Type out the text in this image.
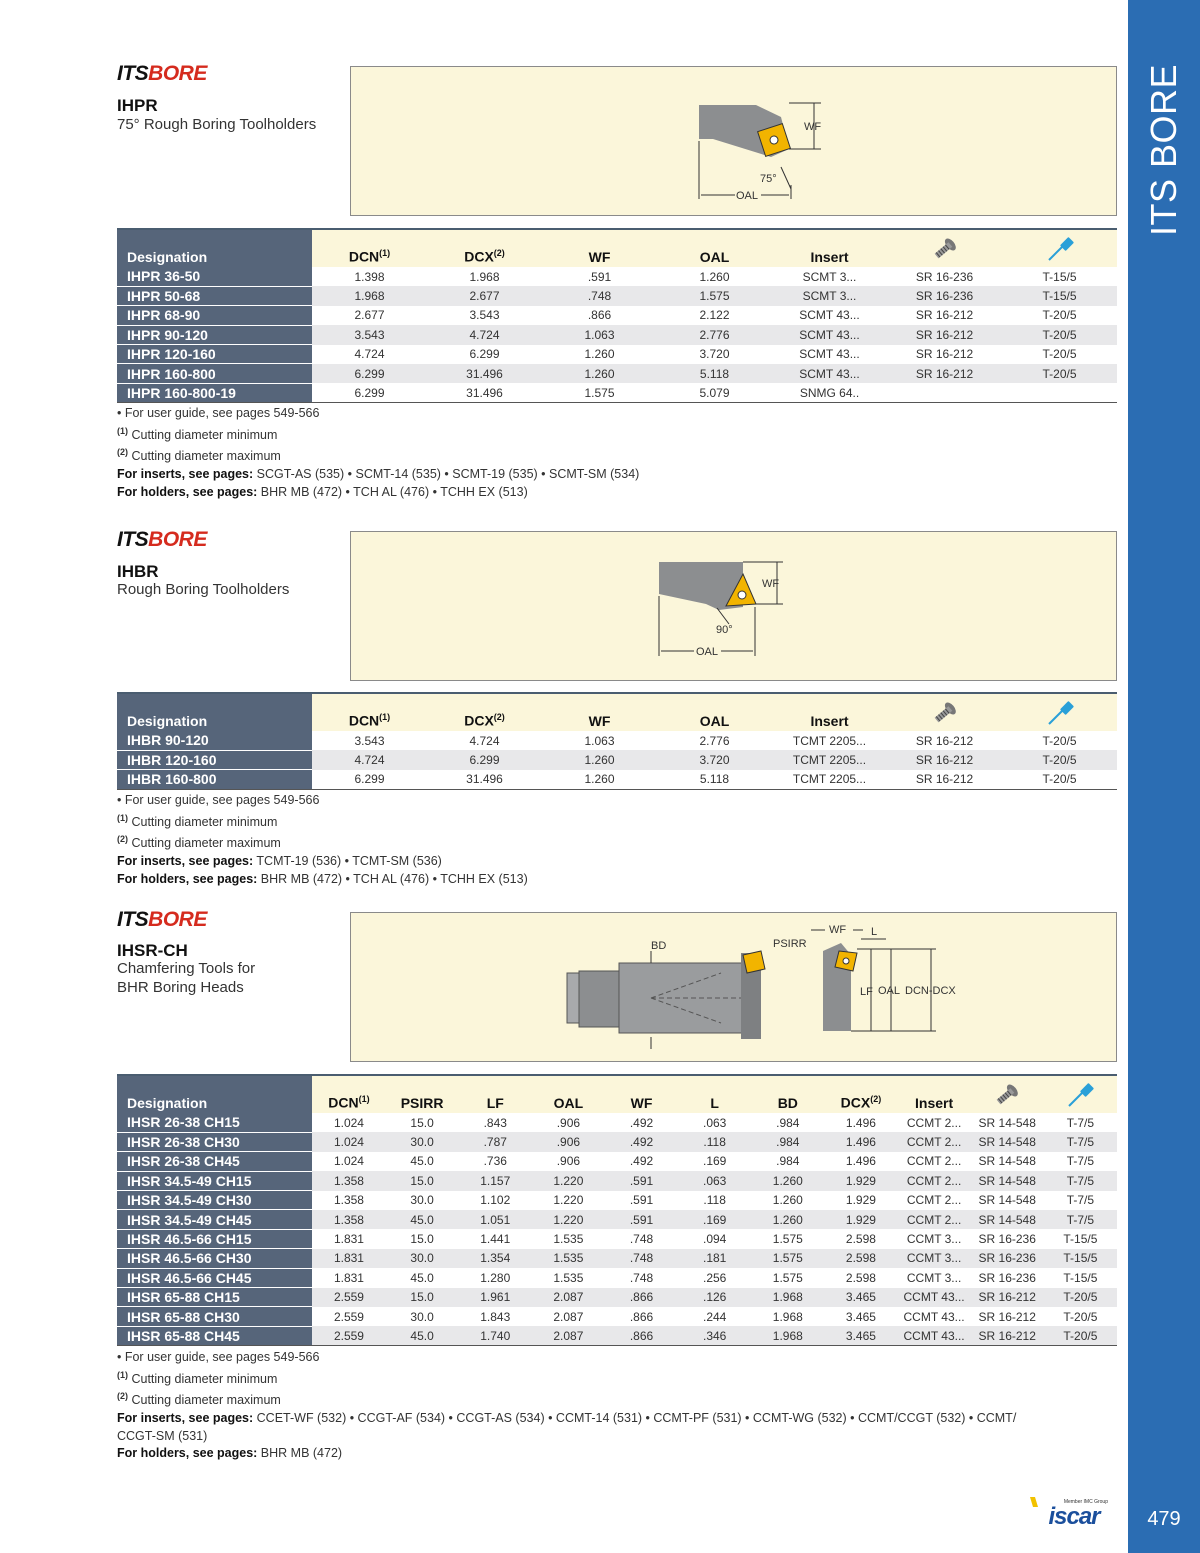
ITS BORE
479
Member IMC Group
iscar
ITSBORE
IHPR
75° Rough Boring Toolholders	WF
75°
OAL
Designation	DCN$^{(1)}$	DCX$^{(2)}$	WF	OAL	Insert		
IHPR 36-50	1.398	1.968	.591	1.260	SCMT 3...	SR 16-236	T-15/5
IHPR 50-68	1.968	2.677	.748	1.575	SCMT 3...	SR 16-236	T-15/5
IHPR 68-90	2.677	3.543	.866	2.122	SCMT 43...	SR 16-212	T-20/5
IHPR 90-120	3.543	4.724	1.063	2.776	SCMT 43...	SR 16-212	T-20/5
IHPR 120-160	4.724	6.299	1.260	3.720	SCMT 43...	SR 16-212	T-20/5
IHPR 160-800	6.299	31.496	1.260	5.118	SCMT 43...	SR 16-212	T-20/5
IHPR 160-800-19	6.299	31.496	1.575	5.079	SNMG 64..		
• For user guide, see pages 549-566
$^{(1)}$ Cutting diameter minimum
$^{(2)}$ Cutting diameter maximum
For inserts, see pages: SCGT-AS (535) • SCMT-14 (535) • SCMT-19 (535) • SCMT-SM (534)
For holders, see pages: BHR MB (472) • TCH AL (476) • TCHH EX (513)
ITSBORE
IHBR
Rough Boring Toolholders	WF
90°
OAL
Designation	DCN$^{(1)}$	DCX$^{(2)}$	WF	OAL	Insert		
IHBR 90-120	3.543	4.724	1.063	2.776	TCMT 2205...	SR 16-212	T-20/5
IHBR 120-160	4.724	6.299	1.260	3.720	TCMT 2205...	SR 16-212	T-20/5
IHBR 160-800	6.299	31.496	1.260	5.118	TCMT 2205...	SR 16-212	T-20/5
• For user guide, see pages 549-566
$^{(1)}$ Cutting diameter minimum
$^{(2)}$ Cutting diameter maximum
For inserts, see pages: TCMT-19 (536) • TCMT-SM (536)
For holders, see pages: BHR MB (472) • TCH AL (476) • TCHH EX (513)
ITSBORE
IHSR-CH
Chamfering Tools for
BHR Boring Heads
BD	PSIRR
WF L
LF OAL DCN-DCX
Designation	DCN$^{(1)}$	PSIRR	LF	OAL	WF	L	BD	DCX$^{(2)}$	Insert		
IHSR 26-38 CH15	1.024	15.0	.843	.906	.492	.063	.984	1.496	CCMT 2...	SR 14-548	T-7/5
IHSR 26-38 CH30	1.024	30.0	.787	.906	.492	.118	.984	1.496	CCMT 2...	SR 14-548	T-7/5
IHSR 26-38 CH45	1.024	45.0	.736	.906	.492	.169	.984	1.496	CCMT 2...	SR 14-548	T-7/5
IHSR 34.5-49 CH15	1.358	15.0	1.157	1.220	.591	.063	1.260	1.929	CCMT 2...	SR 14-548	T-7/5
IHSR 34.5-49 CH30	1.358	30.0	1.102	1.220	.591	.118	1.260	1.929	CCMT 2...	SR 14-548	T-7/5
IHSR 34.5-49 CH45	1.358	45.0	1.051	1.220	.591	.169	1.260	1.929	CCMT 2...	SR 14-548	T-7/5
IHSR 46.5-66 CH15	1.831	15.0	1.441	1.535	.748	.094	1.575	2.598	CCMT 3...	SR 16-236	T-15/5
IHSR 46.5-66 CH30	1.831	30.0	1.354	1.535	.748	.181	1.575	2.598	CCMT 3...	SR 16-236	T-15/5
IHSR 46.5-66 CH45	1.831	45.0	1.280	1.535	.748	.256	1.575	2.598	CCMT 3...	SR 16-236	T-15/5
IHSR 65-88 CH15	2.559	15.0	1.961	2.087	.866	.126	1.968	3.465	CCMT 43...	SR 16-212	T-20/5
IHSR 65-88 CH30	2.559	30.0	1.843	2.087	.866	.244	1.968	3.465	CCMT 43...	SR 16-212	T-20/5
IHSR 65-88 CH45	2.559	45.0	1.740	2.087	.866	.346	1.968	3.465	CCMT 43...	SR 16-212	T-20/5
• For user guide, see pages 549-566
$^{(1)}$ Cutting diameter minimum
$^{(2)}$ Cutting diameter maximum
For inserts, see pages: CCET-WF (532) • CCGT-AF (534) • CCGT-AS (534) • CCMT-14 (531) • CCMT-PF (531) • CCMT-WG (532) • CCMT/CCGT (532) • CCMT/
CCGT-SM (531)
For holders, see pages: BHR MB (472)
